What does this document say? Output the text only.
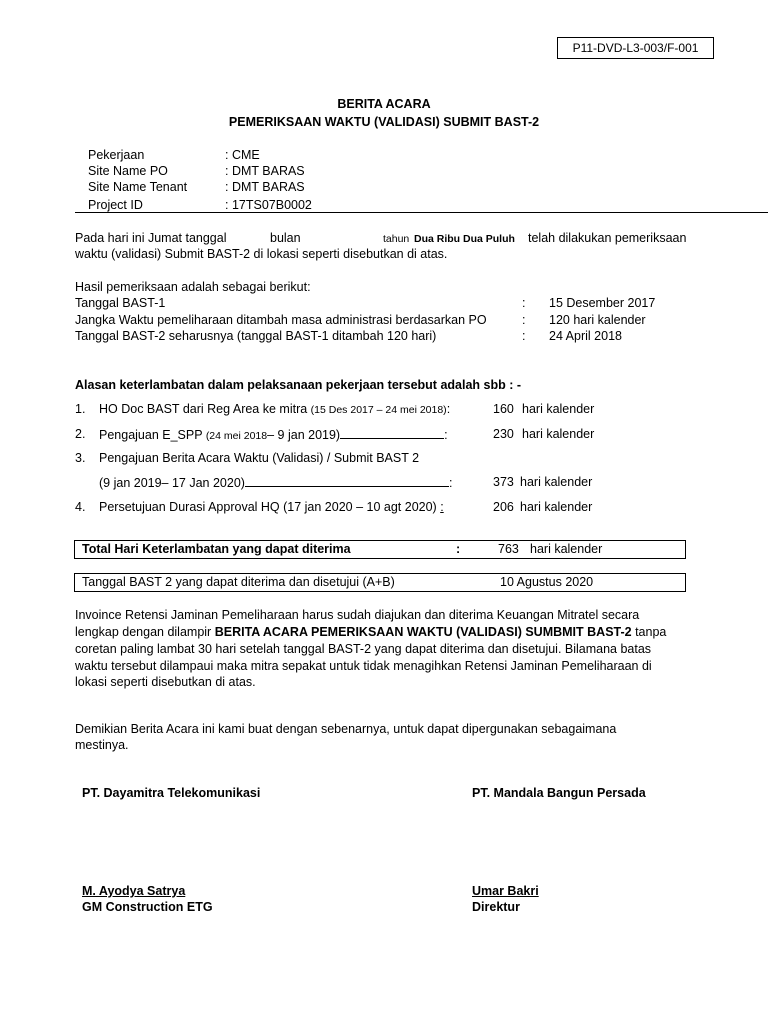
P11-DVD-L3-003/F-001
BERITA ACARA
PEMERIKSAAN WAKTU (VALIDASI) SUBMIT BAST-2
Pekerjaan	: CME
Site Name PO	: DMT BARAS
Site Name Tenant	: DMT BARAS
Project ID	: 17TS07B0002
Pada hari ini Jumat tanggal	bulan	tahun Dua Ribu Dua Puluh telah dilakukan pemeriksaan
waktu (validasi) Submit BAST-2 di lokasi seperti disebutkan di atas.
Hasil pemeriksaan adalah sebagai berikut:
Tanggal BAST-1	: 15 Desember 2017
Jangka Waktu pemeliharaan ditambah masa administrasi berdasarkan PO	: 120 hari kalender
Tanggal BAST-2 seharusnya (tanggal BAST-1 ditambah 120 hari)	: 24 April 2018
Alasan keterlambatan dalam pelaksanaan pekerjaan tersebut adalah sbb : -
1. HO Doc BAST dari Reg Area ke mitra (15 Des 2017 – 24 mei 2018):	160 hari kalender
2. Pengajuan E_SPP (24 mei 2018– 9 jan 2019)	:	230 hari kalender
3. Pengajuan Berita Acara Waktu (Validasi) / Submit BAST 2
(9 jan 2019– 17 Jan 2020)	:	373 hari kalender
4. Persetujuan Durasi Approval HQ (17 jan 2020 – 10 agt 2020) :	206 hari kalender
Total Hari Keterlambatan yang dapat diterima	:	763 hari kalender
Tanggal BAST 2 yang dapat diterima dan disetujui (A+B)	10 Agustus 2020
Invoince Retensi Jaminan Pemeliharaan harus sudah diajukan dan diterima Keuangan Mitratel secara
lengkap dengan dilampir BERITA ACARA PEMERIKSAAN WAKTU (VALIDASI) SUMBMIT BAST-2 tanpa
coretan paling lambat 30 hari setelah tanggal BAST-2 yang dapat diterima dan disetujui. Bilamana batas
waktu tersebut dilampaui maka mitra sepakat untuk tidak menagihkan Retensi Jaminan Pemeliharaan di
lokasi seperti disebutkan di atas.
Demikian Berita Acara ini kami buat dengan sebenarnya, untuk dapat dipergunakan sebagaimana
mestinya.
PT. Dayamitra Telekomunikasi	PT. Mandala Bangun Persada
M. Ayodya Satrya	Umar Bakri
GM Construction ETG	Direktur
